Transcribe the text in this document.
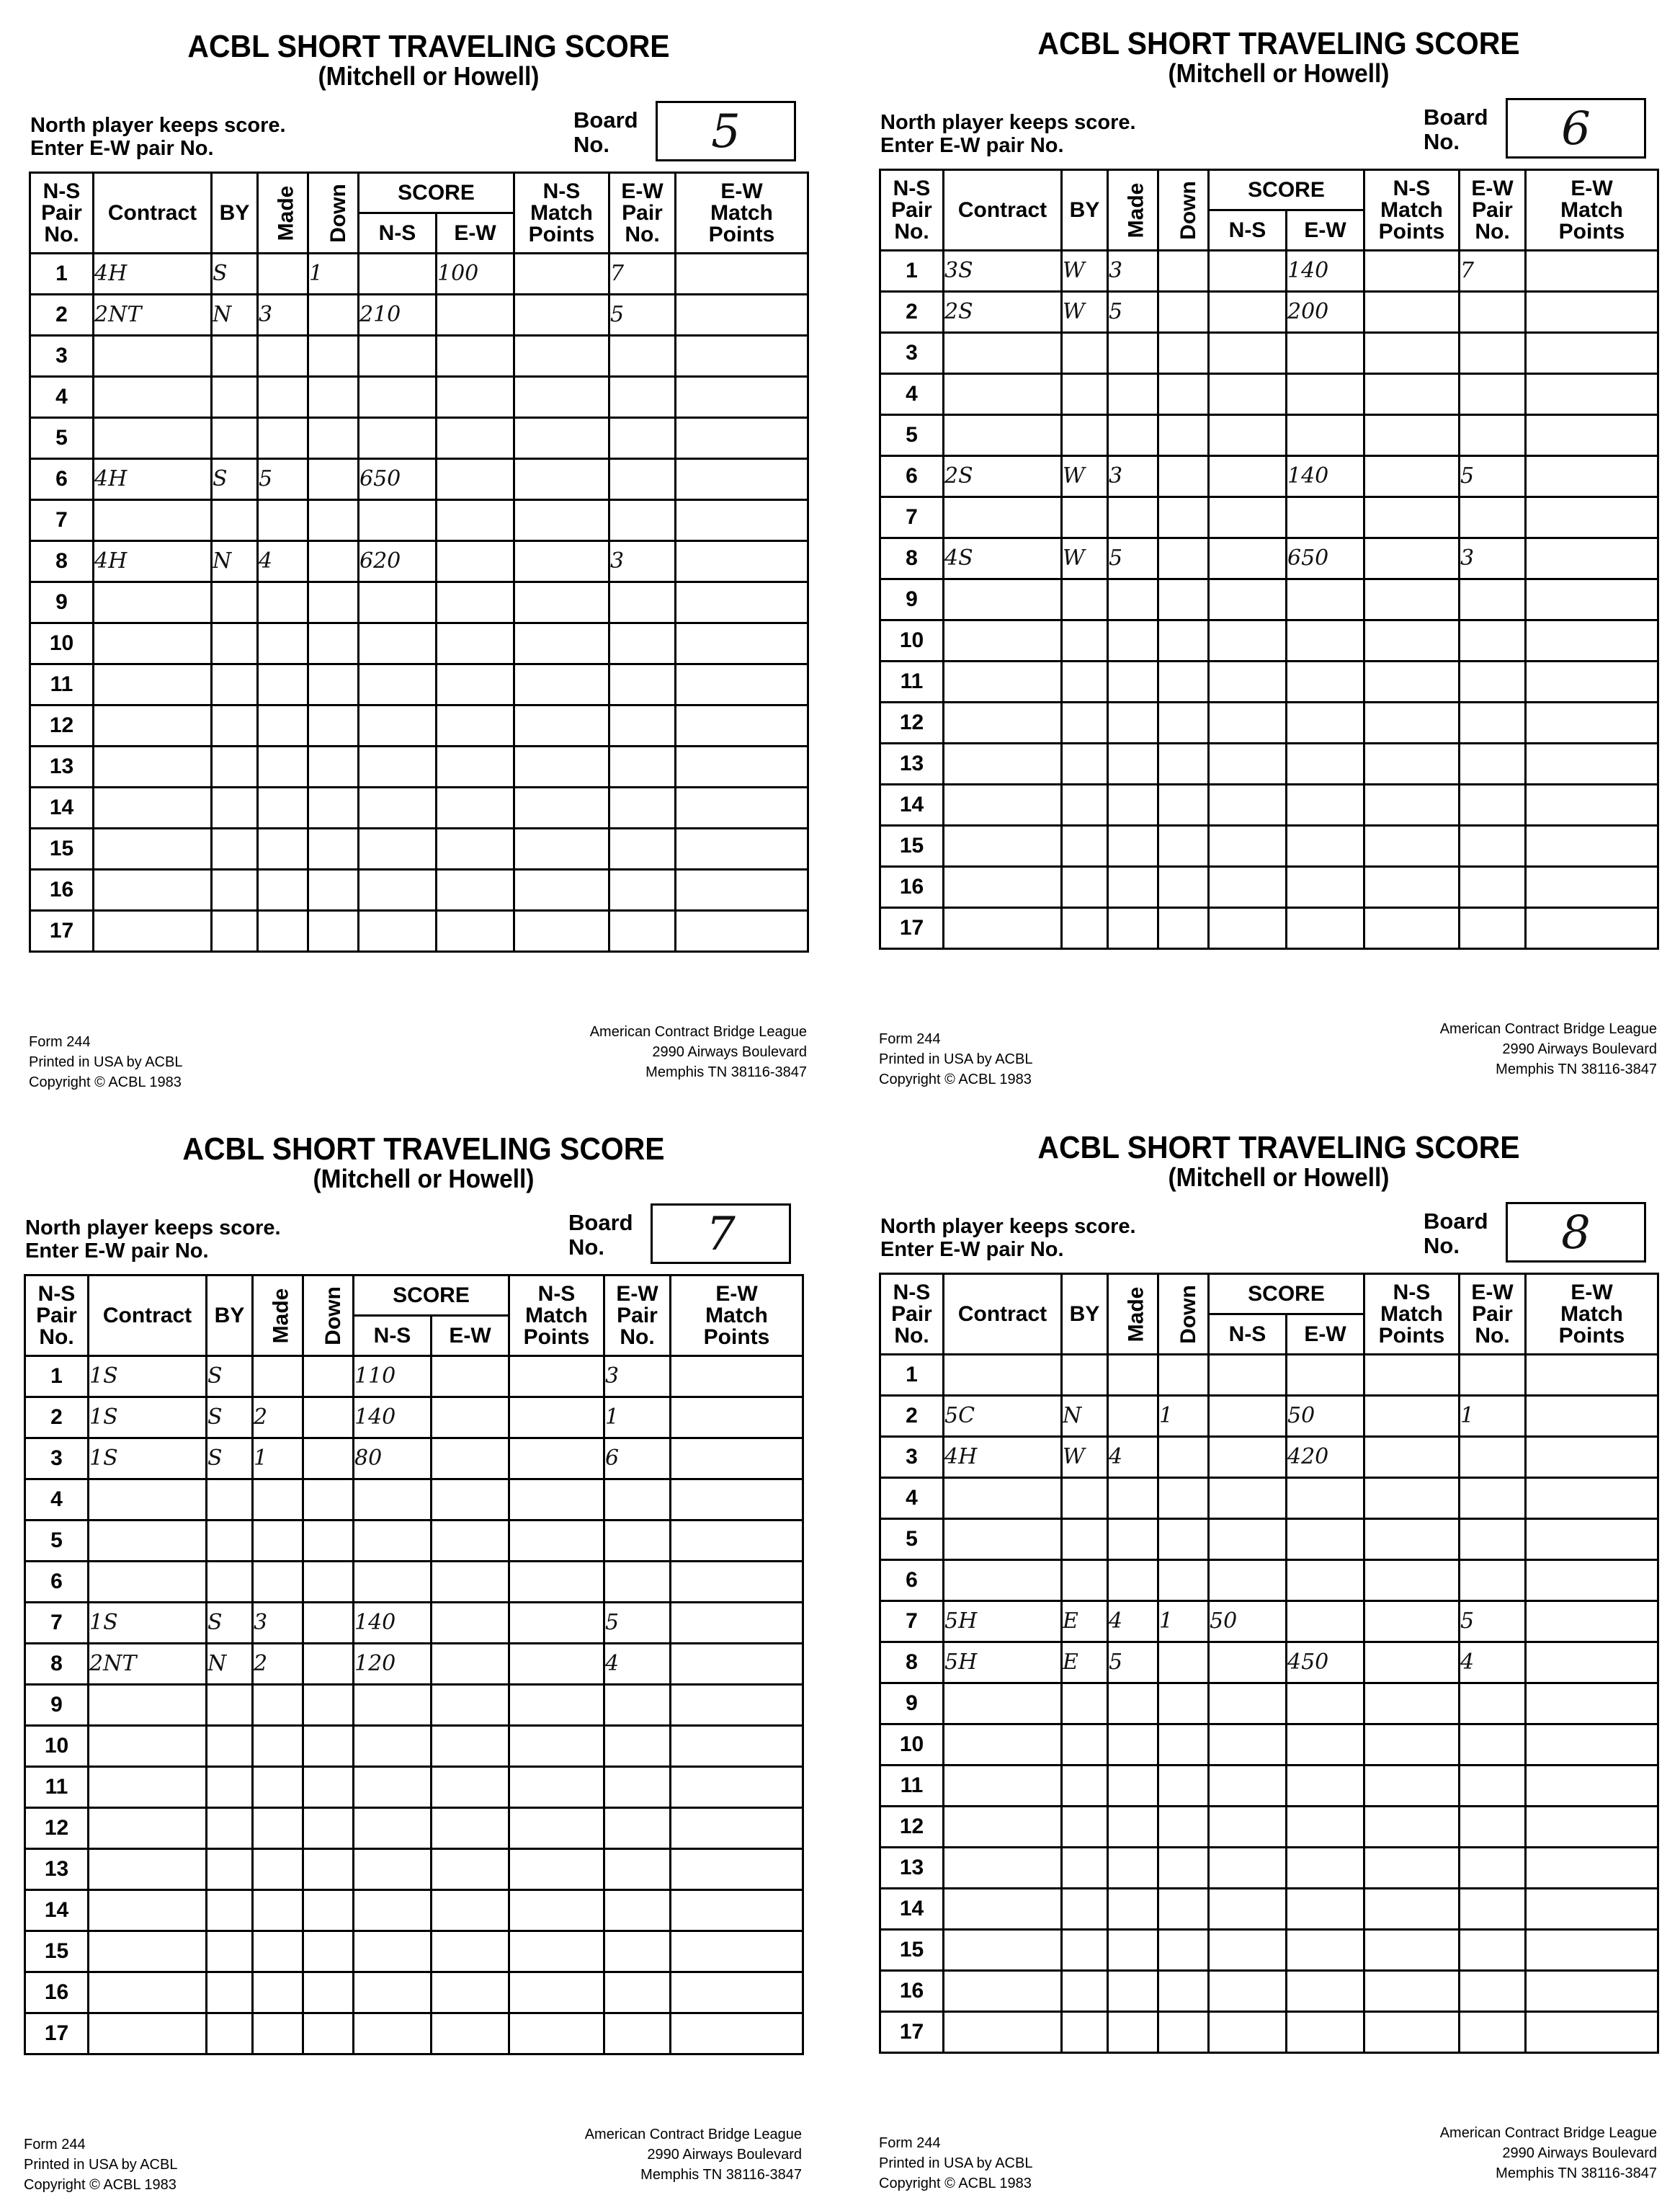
ACBL SHORT TRAVELING SCORE
(Mitchell or Howell)
North player keeps score.
Enter E-W pair No.
Board
No.	5
N-S
Pair
No.	Contract	BY	Made	Down	SCORE		N-S
Match
Points	E-W
Pair
No.	E-W
Match
Points
					N-S	E-W			
1	4H	S		1		100		7	
2	2NT	N	3		210			5	
3									
4									
5									
6	4H	S	5		650				
7									
8	4H	N	4		620			3	
9									
10									
11									
12									
13									
14									
15									
16									
17									
Form 244
Printed in USA by ACBL
Copyright © ACBL 1983
American Contract Bridge League
2990 Airways Boulevard
Memphis TN 38116-3847
ACBL SHORT TRAVELING SCORE
(Mitchell or Howell)
North player keeps score.
Enter E-W pair No.
Board
No.	6
N-S
Pair
No.	Contract	BY	Made	Down	SCORE		N-S
Match
Points	E-W
Pair
No.	E-W
Match
Points
					N-S	E-W			
1	3S	W	3			140		7	
2	2S	W	5			200			
3									
4									
5									
6	2S	W	3			140		5	
7									
8	4S	W	5			650		3	
9									
10									
11									
12									
13									
14									
15									
16									
17									
Form 244
Printed in USA by ACBL
Copyright © ACBL 1983
American Contract Bridge League
2990 Airways Boulevard
Memphis TN 38116-3847
ACBL SHORT TRAVELING SCORE
(Mitchell or Howell)
North player keeps score.
Enter E-W pair No.
Board
No.	7
N-S
Pair
No.	Contract	BY	Made	Down	SCORE		N-S
Match
Points	E-W
Pair
No.	E-W
Match
Points
					N-S	E-W			
1	1S	S			110			3	
2	1S	S	2		140			1	
3	1S	S	1		80			6	
4									
5									
6									
7	1S	S	3		140			5	
8	2NT	N	2		120			4	
9									
10									
11									
12									
13									
14									
15									
16									
17									
Form 244
Printed in USA by ACBL
Copyright © ACBL 1983
American Contract Bridge League
2990 Airways Boulevard
Memphis TN 38116-3847
ACBL SHORT TRAVELING SCORE
(Mitchell or Howell)
North player keeps score.
Enter E-W pair No.
Board
No.	8
N-S
Pair
No.	Contract	BY	Made	Down	SCORE		N-S
Match
Points	E-W
Pair
No.	E-W
Match
Points
					N-S	E-W			
1									
2	5C	N		1		50		1	
3	4H	W	4			420			
4									
5									
6									
7	5H	E	4	1	50			5	
8	5H	E	5			450		4	
9									
10									
11									
12									
13									
14									
15									
16									
17									
Form 244
Printed in USA by ACBL
Copyright © ACBL 1983
American Contract Bridge League
2990 Airways Boulevard
Memphis TN 38116-3847
